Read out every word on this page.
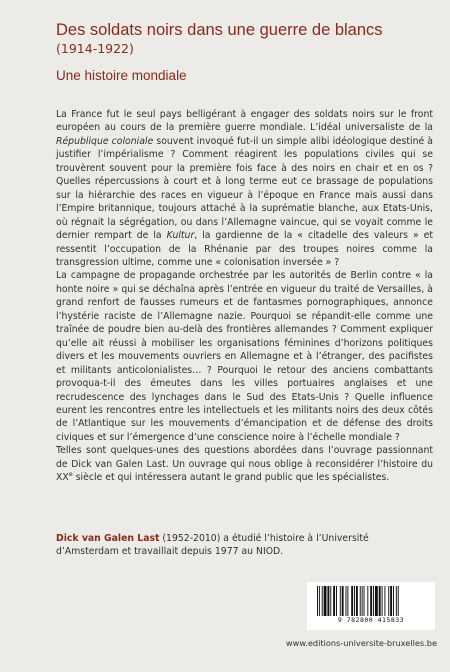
Des soldats noirs dans une guerre de blancs
(1914-1922)
Une histoire mondiale

La France fut le seul pays belligérant à engager des soldats noirs sur le front européen au cours de la première guerre mondiale. L’idéal universaliste de la République coloniale souvent invoqué fut-il un simple alibi idéologique destiné à justifier l’impérialisme ? Comment réagirent les populations civiles qui se trouvèrent souvent pour la première fois face à des noirs en chair et en os ? Quelles répercussions à court et à long terme eut ce brassage de populations sur la hiérarchie des races en vigueur à l’époque en France mais aussi dans l’Empire britannique, toujours attaché à la suprématie blanche, aux Etats-Unis, où régnait la ségrégation, ou dans l’Allemagne vaincue, qui se voyait comme le dernier rempart de la Kultur, la gardienne de la « citadelle des valeurs » et ressentit l’occupation de la Rhénanie par des troupes noires comme la transgression ultime, comme une « colonisation inversée » ?

La campagne de propagande orchestrée par les autorités de Berlin contre « la honte noire » qui se déchaîna après l’entrée en vigueur du traité de Versailles, à grand renfort de fausses rumeurs et de fantasmes pornographiques, annonce l’hystérie raciste de l’Allemagne nazie. Pourquoi se répandit-elle comme une traînée de poudre bien au-delà des frontières allemandes ? Comment expliquer qu’elle ait réussi à mobiliser les organisations féminines d’horizons politiques divers et les mouvements ouvriers en Allemagne et à l’étranger, des pacifistes et militants anticolonialistes… ? Pourquoi le retour des anciens combattants provoqua-t-il des émeutes dans les villes portuaires anglaises et une recrudescence des lynchages dans le Sud des Etats-Unis ? Quelle influence eurent les rencontres entre les intellectuels et les militants noirs des deux côtés de l’Atlantique sur les mouvements d’émancipation et de défense des droits civiques et sur l’émergence d’une conscience noire à l’échelle mondiale ?

Telles sont quelques-unes des questions abordées dans l’ouvrage passionnant de Dick van Galen Last. Un ouvrage qui nous oblige à reconsidérer l’histoire du XXe siècle et qui intéressera autant le grand public que les spécialistes.

Dick van Galen Last (1952-2010) a étudié l’histoire à l’Université d’Amsterdam et travaillait depuis 1977 au NIOD.
9 782800 415833
www.editions-universite-bruxelles.be
